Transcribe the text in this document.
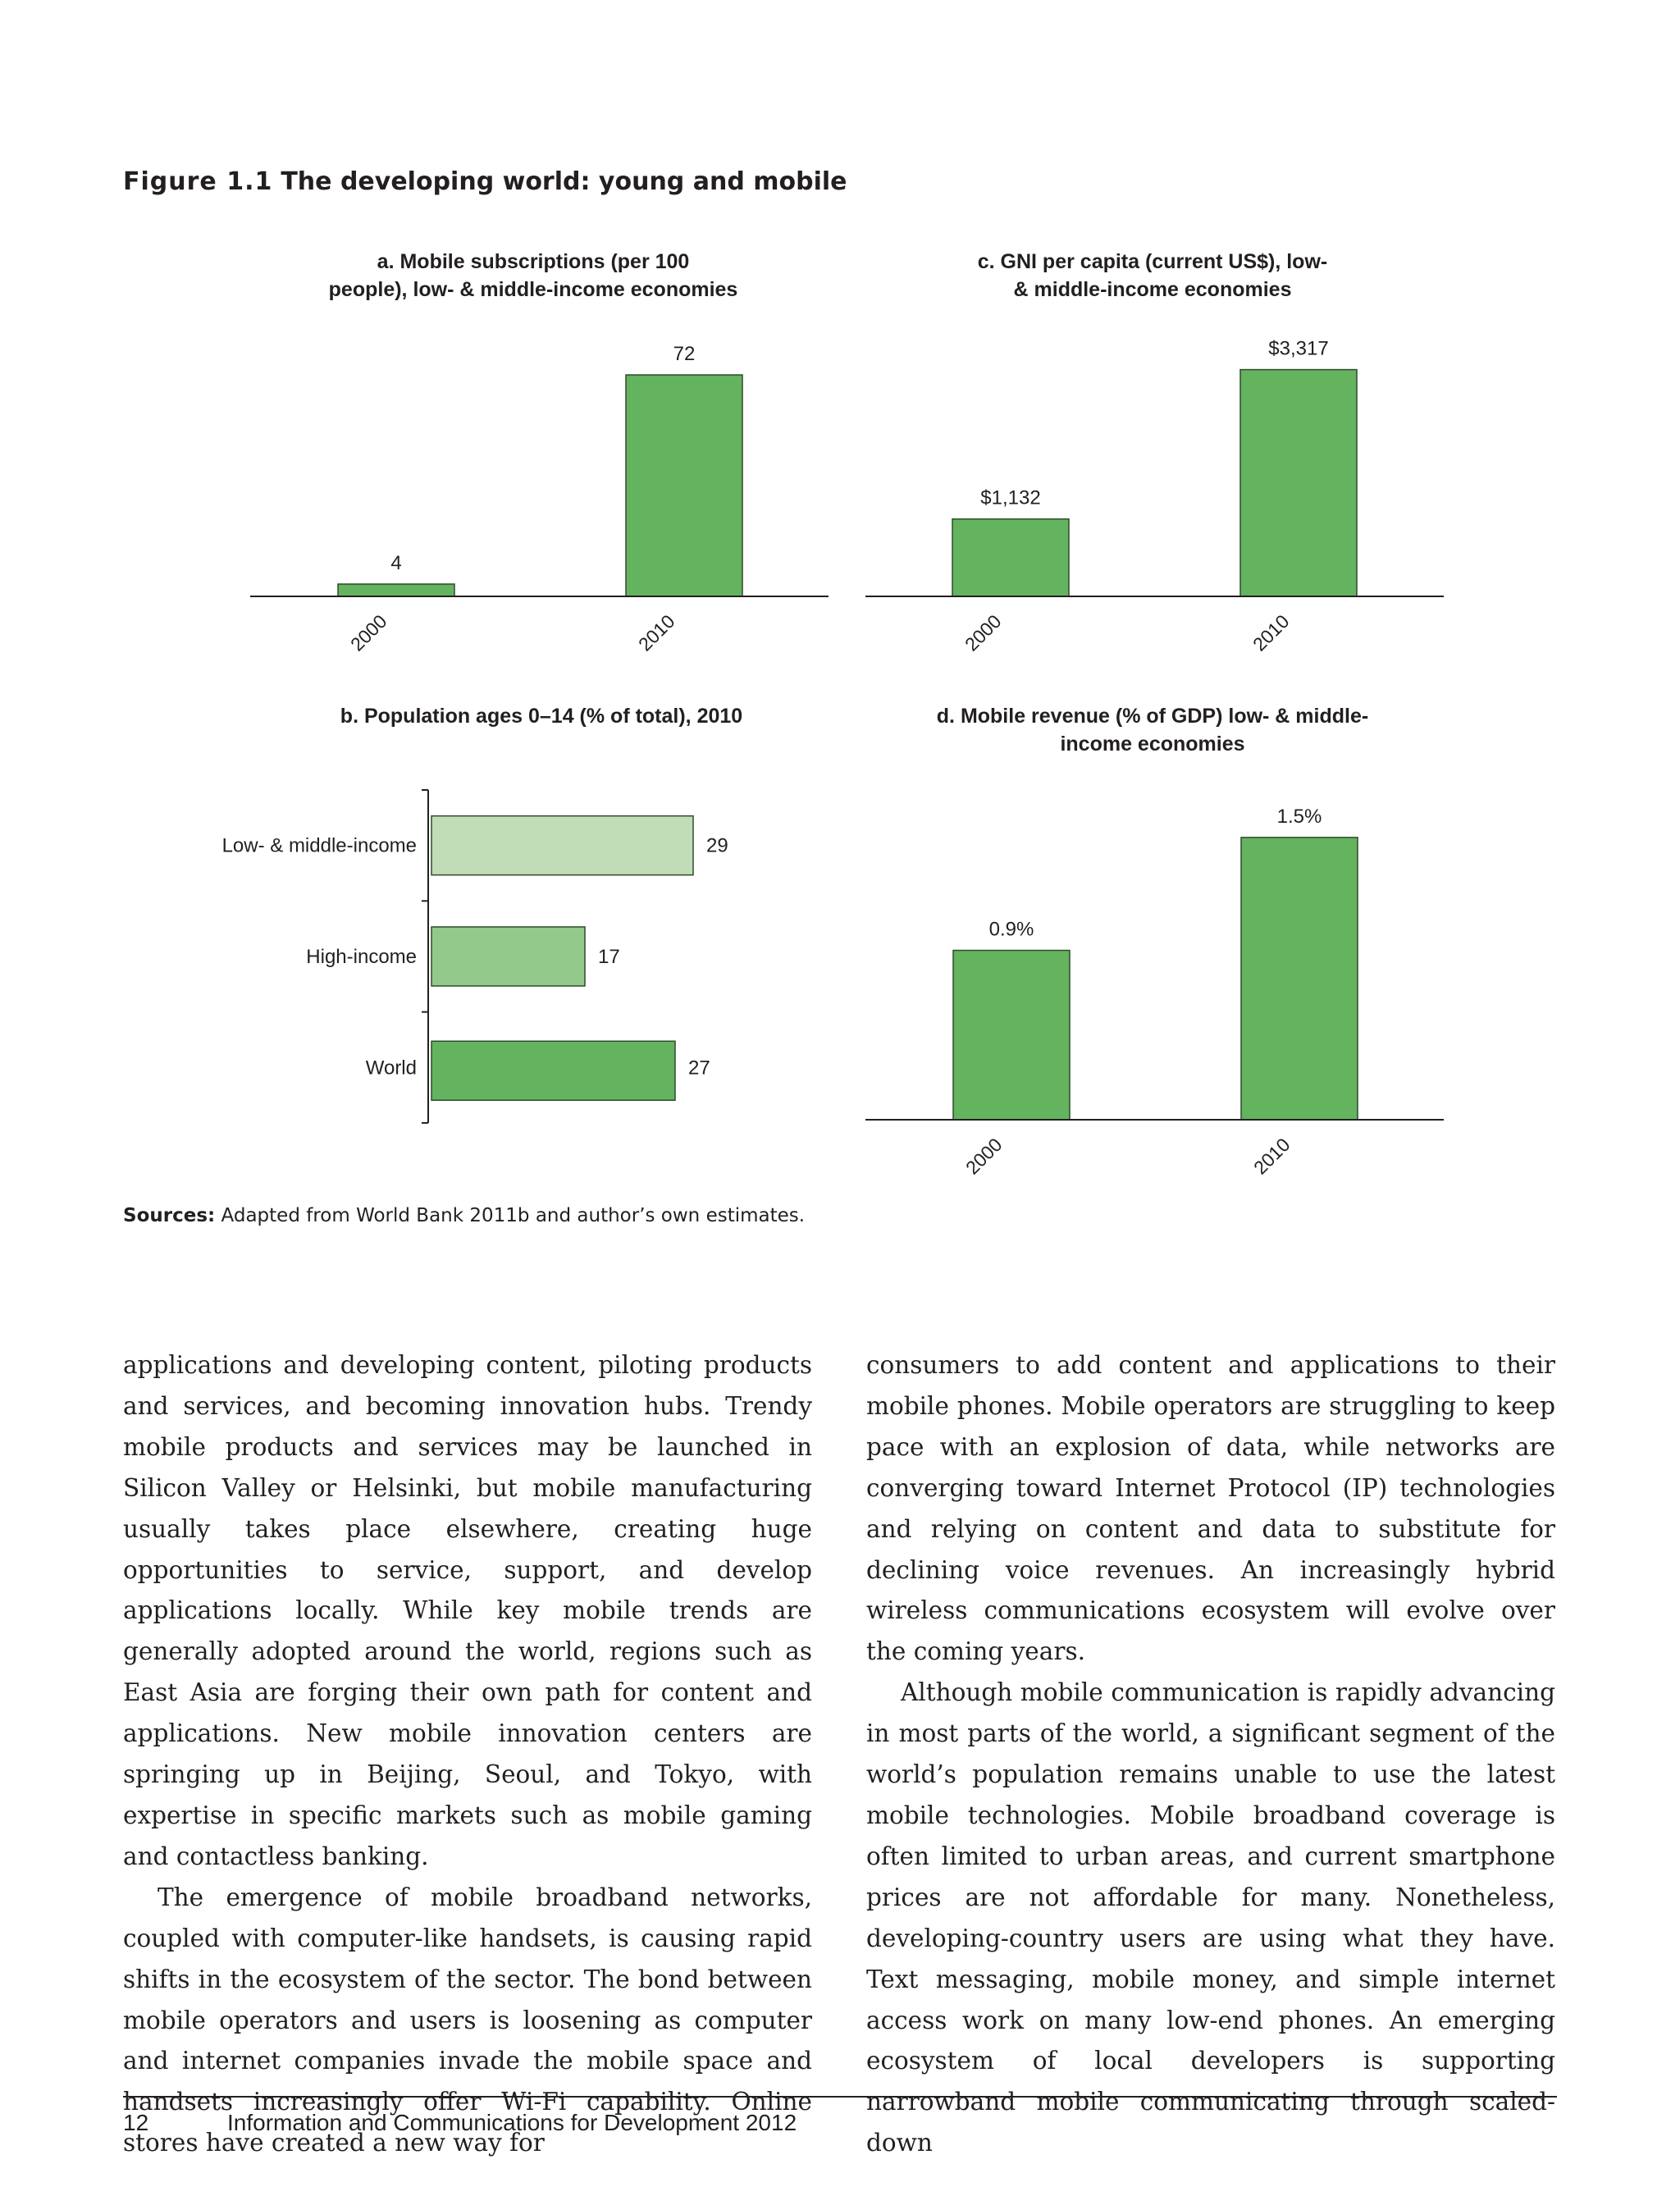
Figure 1.1 The developing world: young and mobile
a. Mobile subscriptions (per 100
people), low- & middle-income economies
4
2000
72
2010
c. GNI per capita (current US$), low-
& middle-income economies
$1,132
2000
$3,317
2010
b. Population ages 0–14 (% of total), 2010
29
Low- & middle-income
17
High-income
27
World
d. Mobile revenue (% of GDP) low- & middle-
income economies
0.9%
2000
1.5%
2010
Sources: Adapted from World Bank 2011b and author’s own estimates.

applications and developing content, piloting products and services, and becoming innovation hubs. Trendy mobile products and services may be launched in Silicon Valley or Helsinki, but mobile manufacturing usually takes place elsewhere, creating huge opportunities to service, support, and develop applications locally. While key mobile trends are generally adopted around the world, regions such as East Asia are forging their own path for content and applications. New mobile innovation centers are springing up in Beijing, Seoul, and Tokyo, with expertise in specific markets such as mobile gaming and contactless banking.

The emergence of mobile broadband networks, coupled with computer-like handsets, is causing rapid shifts in the ecosystem of the sector. The bond between mobile operators and users is loosening as computer and internet companies invade the mobile space and handsets increasingly offer Wi-Fi capability. Online stores have created a new way for

consumers to add content and applications to their mobile phones. Mobile operators are struggling to keep pace with an explosion of data, while networks are converging toward Internet Protocol (IP) technologies and relying on content and data to substitute for declining voice revenues. An increasingly hybrid wireless communications ecosystem will evolve over the coming years.

Although mobile communication is rapidly advancing in most parts of the world, a significant segment of the world’s population remains unable to use the latest mobile technologies. Mobile broadband coverage is often limited to urban areas, and current smartphone prices are not affordable for many. Nonetheless, developing-country users are using what they have. Text messaging, mobile money, and simple internet access work on many low-end phones. An emerging ecosystem of local developers is supporting narrowband mobile communicating through scaled-down

12	Information and Communications for Development 2012
